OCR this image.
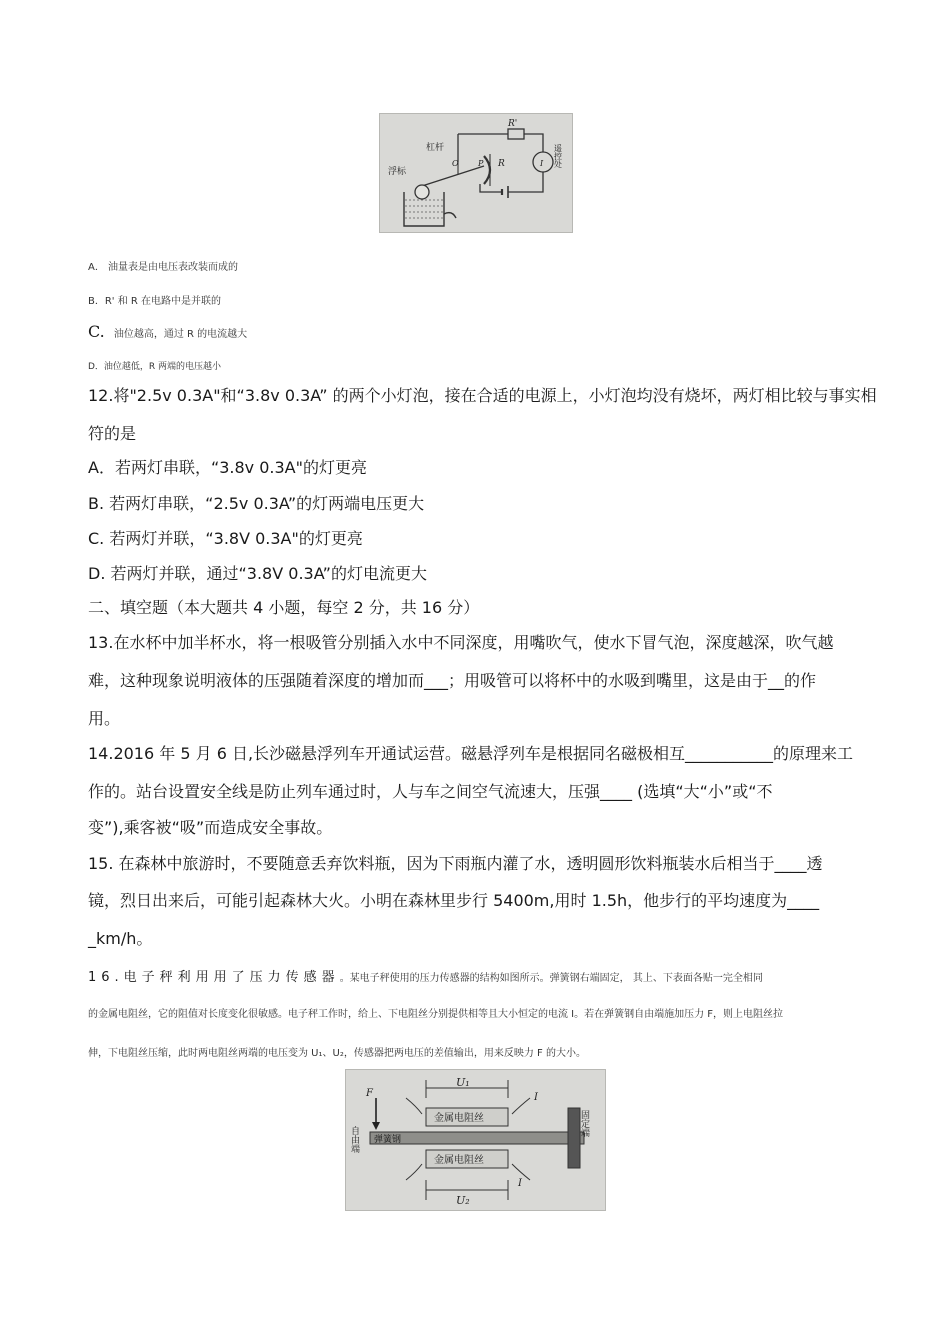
R'
杠杆
浮标
O P R	I 遥控处
A． 油量表是由电压表改装而成的
B．R' 和 R 在电路中是并联的
C. 油位越高，通过 R 的电流越大
D．油位越低，R 两端的电压越小
12.将"2.5v 0.3A"和“3.8v 0.3A” 的两个小灯泡，接在合适的电源上，小灯泡均没有烧坏，两灯相比较与事实相
符的是
A．若两灯串联，“3.8v 0.3A"的灯更亮
B. 若两灯串联，“2.5v 0.3A”的灯两端电压更大
C. 若两灯并联，“3.8V 0.3A"的灯更亮
D. 若两灯并联，通过“3.8V 0.3A”的灯电流更大
二、填空题（本大题共 4 小题，每空 2 分，共 16 分）
13.在水杯中加半杯水，将一根吸管分别插入水中不同深度，用嘴吹气，使水下冒气泡，深度越深，吹气越
难，这种现象说明液体的压强随着深度的增加而___；用吸管可以将杯中的水吸到嘴里，这是由于__的作
用。
14.2016 年 5 月 6 日,长沙磁悬浮列车开通试运营。磁悬浮列车是根据同名磁极相互___________的原理来工
作的。站台设置安全线是防止列车通过时，人与车之间空气流速大，压强____ (选填“大“小”或“不
变”),乘客被“吸”而造成安全事故。
15. 在森林中旅游时，不要随意丢弃饮料瓶，因为下雨瓶内灌了水，透明圆形饮料瓶装水后相当于____透
镜，烈日出来后，可能引起森林大火。小明在森林里步行 5400m,用时 1.5h，他步行的平均速度为____
_km/h。
16.电子秤利用用了压力传感器。某电子秤使用的压力传感器的结构如图所示。弹簧钢右端固定， 其上、下表面各贴一完全相同
的金属电阻丝，它的阻值对长度变化很敏感。电子秤工作时，给上、下电阻丝分别提供相等且大小恒定的电流 I。若在弹簧钢自由端施加压力 F，则上电阻丝拉
伸，下电阻丝压缩，此时两电阻丝两端的电压变为 U₁、U₂，传感器把两电压的差值输出，用来反映力 F 的大小。
U₁
金属电阻丝
弹簧钢
固定端
金属电阻丝
U₂
F
自由端
I
I
